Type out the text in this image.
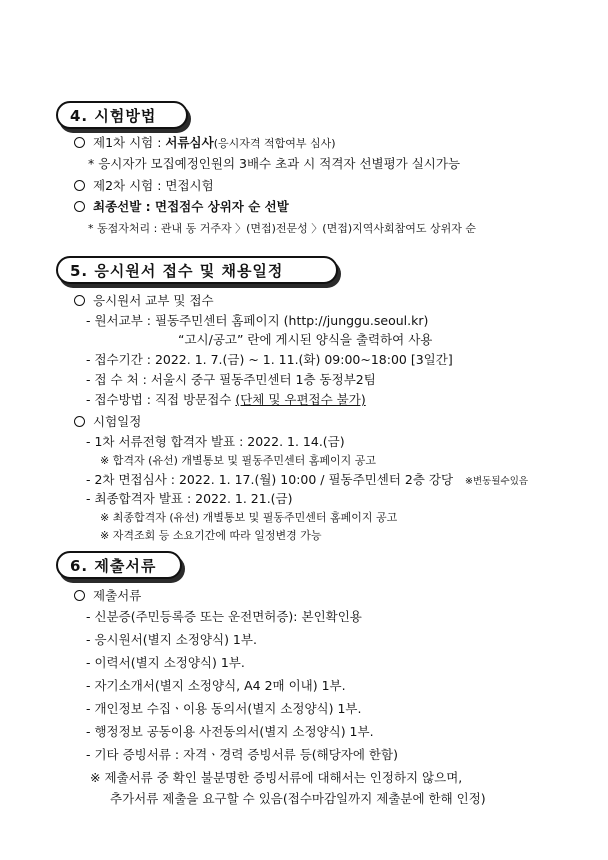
4. 시험방법
제1차 시험 : 서류심사(응시자격 적합여부 심사)
* 응시자가 모집예정인원의 3배수 초과 시 적격자 선별평가 실시가능
제2차 시험 : 면접시험
최종선발 : 면접점수 상위자 순 선발
* 동점자처리 : 관내 동 거주자 〉(면접)전문성 〉(면접)지역사회참여도 상위자 순
5. 응시원서 접수 및 채용일정
응시원서 교부 및 접수
- 원서교부 : 필동주민센터 홈페이지 (http://junggu.seoul.kr)
“고시/공고” 란에 게시된 양식을 출력하여 사용
- 접수기간 : 2022. 1. 7.(금) ~ 1. 11.(화) 09:00~18:00 [3일간]
- 접 수 처 : 서울시 중구 필동주민센터 1층 동정부2팀
- 접수방법 : 직접 방문접수 (단체 및 우편접수 불가)
시험일정
- 1차 서류전형 합격자 발표 : 2022. 1. 14.(금)
※ 합격자 (유선) 개별통보 및 필동주민센터 홈페이지 공고
- 2차 면접심사 : 2022. 1. 17.(월) 10:00 / 필동주민센터 2층 강당 ※변동될수있음
- 최종합격자 발표 : 2022. 1. 21.(금)
※ 최종합격자 (유선) 개별통보 및 필동주민센터 홈페이지 공고
※ 자격조회 등 소요기간에 따라 일정변경 가능
6. 제출서류
제출서류
- 신분증(주민등록증 또는 운전면허증): 본인확인용
- 응시원서(별지 소정양식) 1부.
- 이력서(별지 소정양식) 1부.
- 자기소개서(별지 소정양식, A4 2매 이내) 1부.
- 개인정보 수집ㆍ이용 동의서(별지 소정양식) 1부.
- 행정정보 공동이용 사전동의서(별지 소정양식) 1부.
- 기타 증빙서류 : 자격ㆍ경력 증빙서류 등(해당자에 한함)
※ 제출서류 중 확인 불분명한 증빙서류에 대해서는 인정하지 않으며,
추가서류 제출을 요구할 수 있음(접수마감일까지 제출분에 한해 인정)
